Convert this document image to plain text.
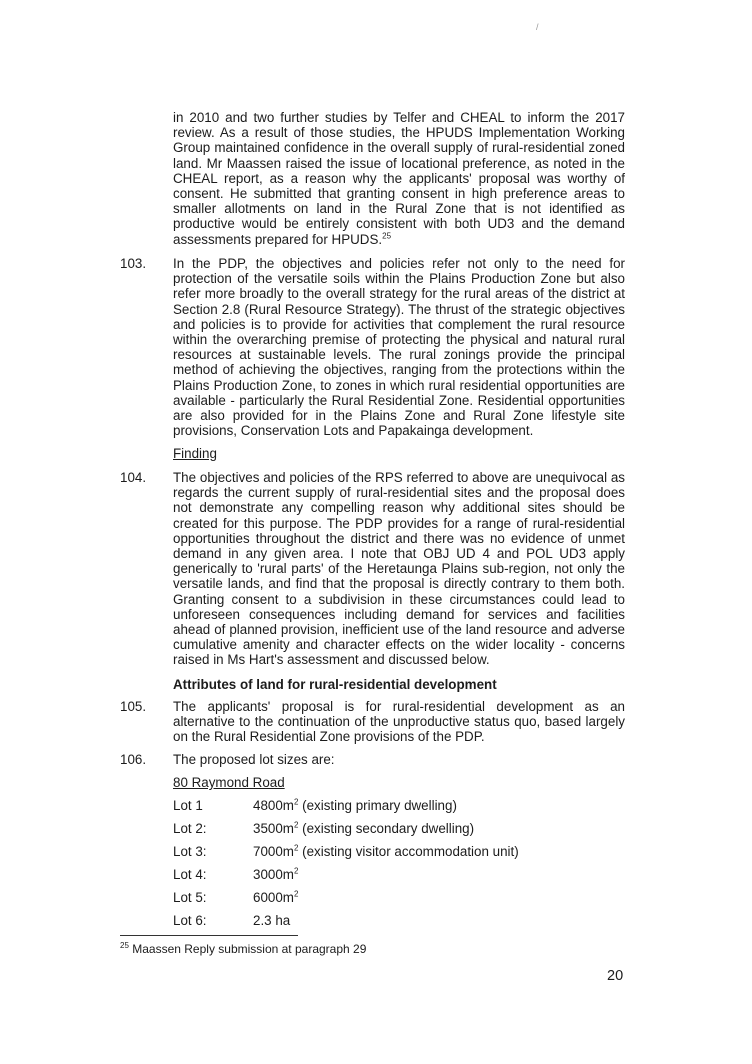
/
in 2010 and two further studies by Telfer and CHEAL to inform the 2017 review. As a result of those studies, the HPUDS Implementation Working Group maintained confidence in the overall supply of rural-residential zoned land. Mr Maassen raised the issue of locational preference, as noted in the CHEAL report, as a reason why the applicants' proposal was worthy of consent. He submitted that granting consent in high preference areas to smaller allotments on land in the Rural Zone that is not identified as productive would be entirely consistent with both UD3 and the demand assessments prepared for HPUDS.$^{25}$
103. In the PDP, the objectives and policies refer not only to the need for protection of the versatile soils within the Plains Production Zone but also refer more broadly to the overall strategy for the rural areas of the district at Section 2.8 (Rural Resource Strategy). The thrust of the strategic objectives and policies is to provide for activities that complement the rural resource within the overarching premise of protecting the physical and natural rural resources at sustainable levels. The rural zonings provide the principal method of achieving the objectives, ranging from the protections within the Plains Production Zone, to zones in which rural residential opportunities are available - particularly the Rural Residential Zone. Residential opportunities are also provided for in the Plains Zone and Rural Zone lifestyle site provisions, Conservation Lots and Papakainga development.
Finding
104. The objectives and policies of the RPS referred to above are unequivocal as regards the current supply of rural-residential sites and the proposal does not demonstrate any compelling reason why additional sites should be created for this purpose. The PDP provides for a range of rural-residential opportunities throughout the district and there was no evidence of unmet demand in any given area. I note that OBJ UD 4 and POL UD3 apply generically to 'rural parts' of the Heretaunga Plains sub-region, not only the versatile lands, and find that the proposal is directly contrary to them both. Granting consent to a subdivision in these circumstances could lead to unforeseen consequences including demand for services and facilities ahead of planned provision, inefficient use of the land resource and adverse cumulative amenity and character effects on the wider locality - concerns raised in Ms Hart's assessment and discussed below.
Attributes of land for rural-residential development
105. The applicants' proposal is for rural-residential development as an alternative to the continuation of the unproductive status quo, based largely on the Rural Residential Zone provisions of the PDP.
106. The proposed lot sizes are:
80 Raymond Road
Lot 1	$4800m^2$ (existing primary dwelling)
Lot 2:	$3500m^2$ (existing secondary dwelling)
Lot 3:	$7000m^2$ (existing visitor accommodation unit)
Lot 4:	$3000m^2$
Lot 5:	$6000m^2$
Lot 6:	2.3 ha
$^{25}$ Maassen Reply submission at paragraph 29
20
